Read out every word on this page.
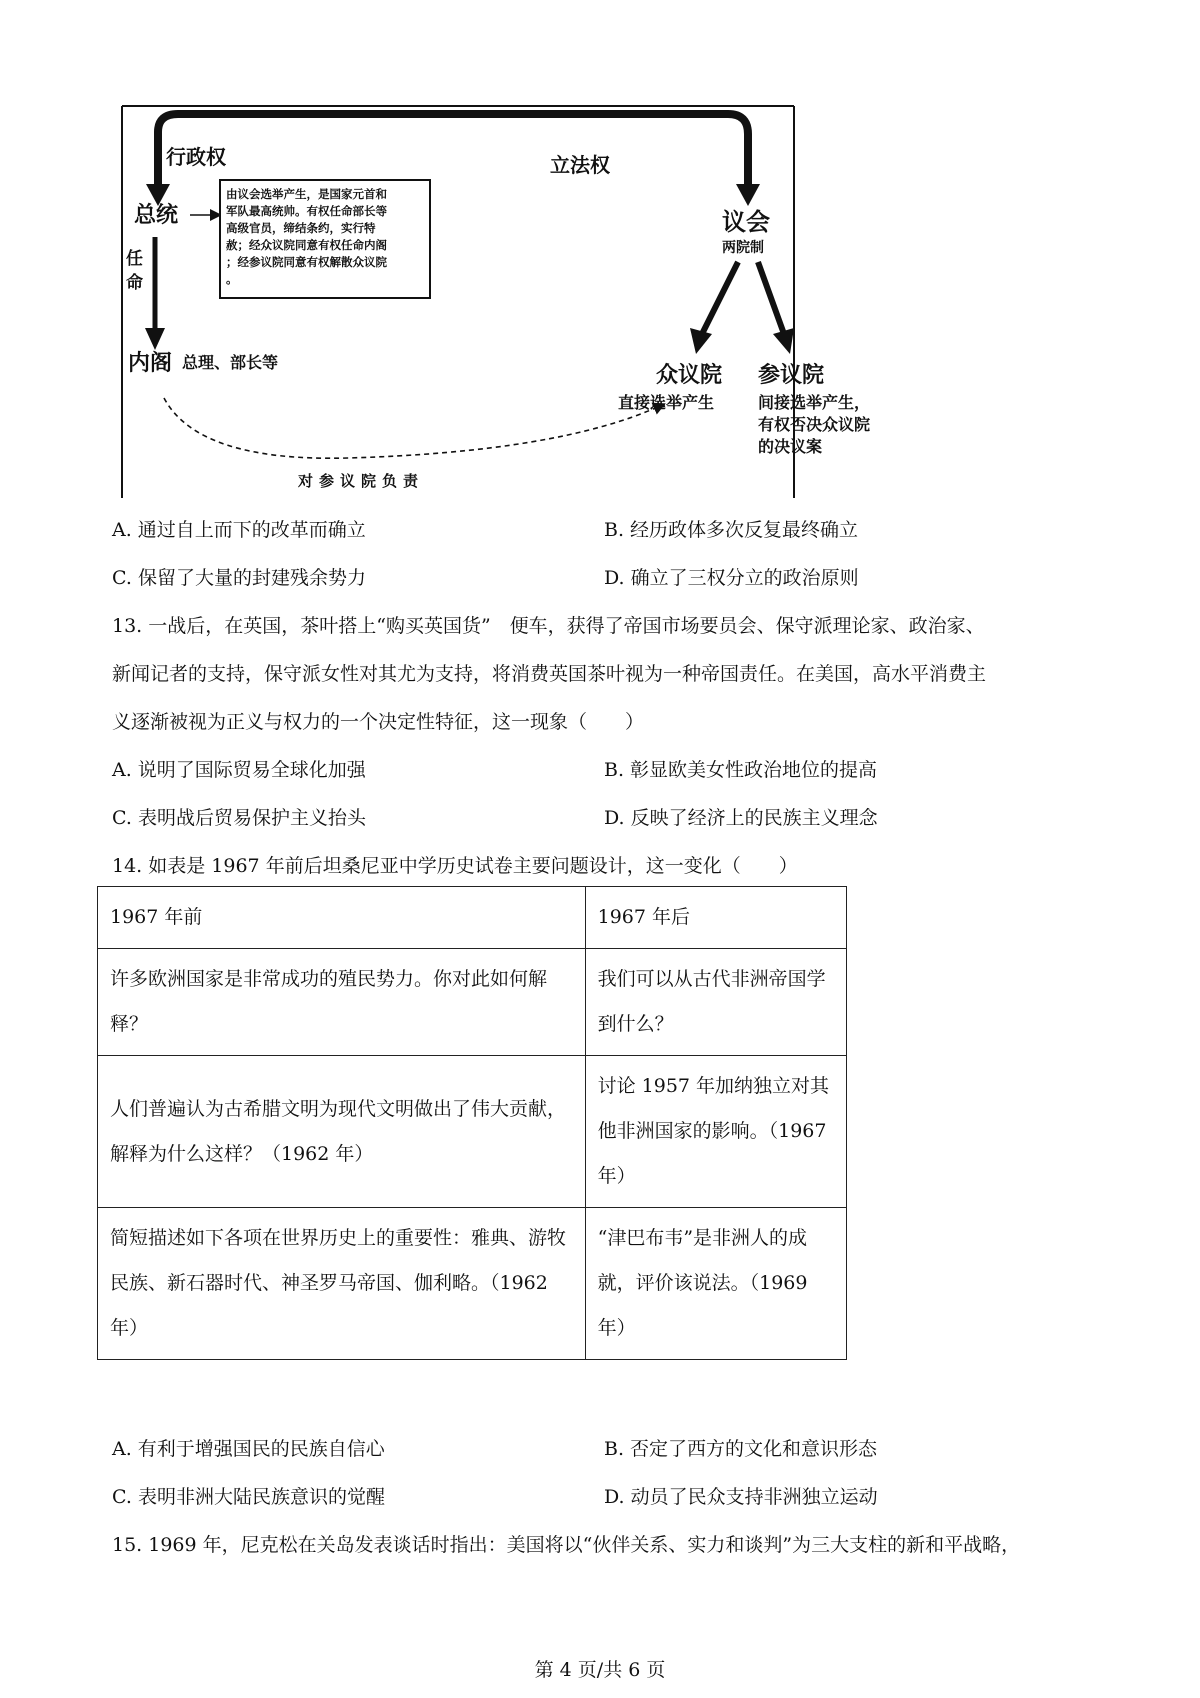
行政权	立法权
总统
由议会选举产生，是国家元首和 军队最高统帅。有权任命部长等 高级官员，缔结条约，实行特 赦；经众议院同意有权任命内阁 ；经参议院同意有权解散众议院 。
任
命
内阁 总理、部长等
议会
两院制
众议院
直接选举产生
参议院
间接选举产生， 有权否决众议院 的决议案
对参议院负责
A. 通过自上而下的改革而确立	B. 经历政体多次反复最终确立
C. 保留了大量的封建残余势力	D. 确立了三权分立的政治原则
13. 一战后，在英国，茶叶搭上“购买英国货”　便车，获得了帝国市场要员会、保守派理论家、政治家、
新闻记者的支持，保守派女性对其尤为支持，将消费英国茶叶视为一种帝国责任。在美国，高水平消费主
义逐渐被视为正义与权力的一个决定性特征，这一现象（　　）
A. 说明了国际贸易全球化加强	B. 彰显欧美女性政治地位的提高
C. 表明战后贸易保护主义抬头	D. 反映了经济上的民族主义理念
14. 如表是 1967 年前后坦桑尼亚中学历史试卷主要问题设计，这一变化（　　）
1967 年前	1967 年后
许多欧洲国家是非常成功的殖民势力。你对此如何解释？	我们可以从古代非洲帝国学到什么？
人们普遍认为古希腊文明为现代文明做出了伟大贡献，解释为什么这样？（1962 年）	讨论 1957 年加纳独立对其他非洲国家的影响。（1967 年）
简短描述如下各项在世界历史上的重要性：雅典、游牧民族、新石器时代、神圣罗马帝国、伽利略。（1962 年）	“津巴布韦”是非洲人的成就，评价该说法。（1969 年）
A. 有利于增强国民的民族自信心	B. 否定了西方的文化和意识形态
C. 表明非洲大陆民族意识的觉醒	D. 动员了民众支持非洲独立运动
15. 1969 年，尼克松在关岛发表谈话时指出：美国将以“伙伴关系、实力和谈判”为三大支柱的新和平战略，
第 4 页/共 6 页
